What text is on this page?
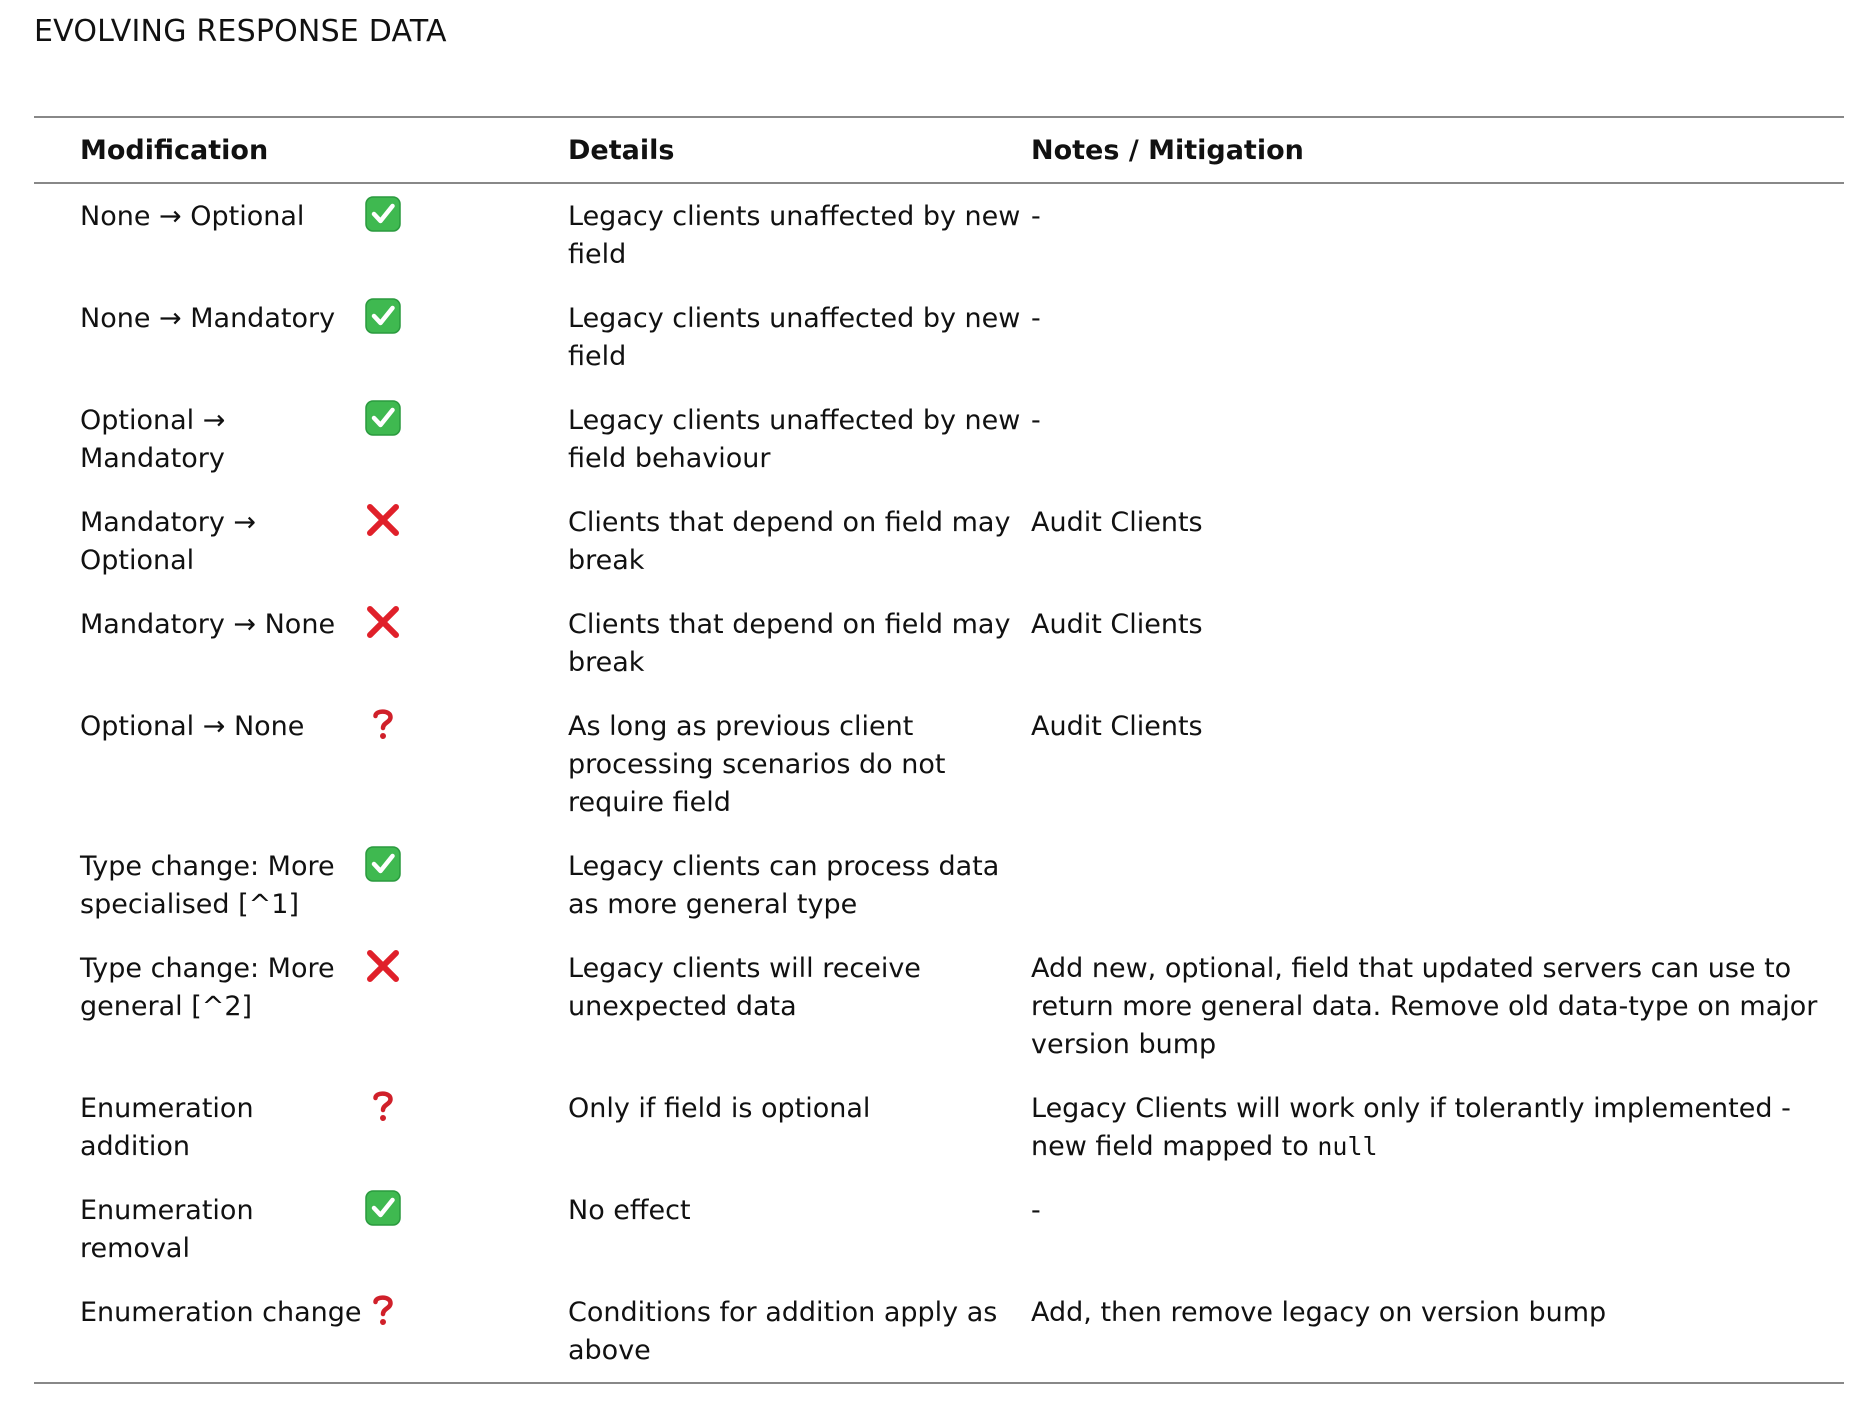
EVOLVING RESPONSE DATA
Modification		Details	Notes / Mitigation
None → Optional		Legacy clients unaffected by new field	-
None → Mandatory		Legacy clients unaffected by new field	-
Optional → Mandatory		Legacy clients unaffected by new field behaviour	-
Mandatory → Optional		Clients that depend on field may break	Audit Clients
Mandatory → None		Clients that depend on field may break	Audit Clients
Optional → None		As long as previous client processing scenarios do not require field	Audit Clients
Type change: More specialised [^1]		Legacy clients can process data as more general type	
Type change: More general [^2]		Legacy clients will receive unexpected data	Add new, optional, field that updated servers can use to return more general data. Remove old data-type on major version bump
Enumeration addition		Only if field is optional	Legacy Clients will work only if tolerantly implemented - new field mapped to null
Enumeration removal		No effect	-
Enumeration change		Conditions for addition apply as above	Add, then remove legacy on version bump
